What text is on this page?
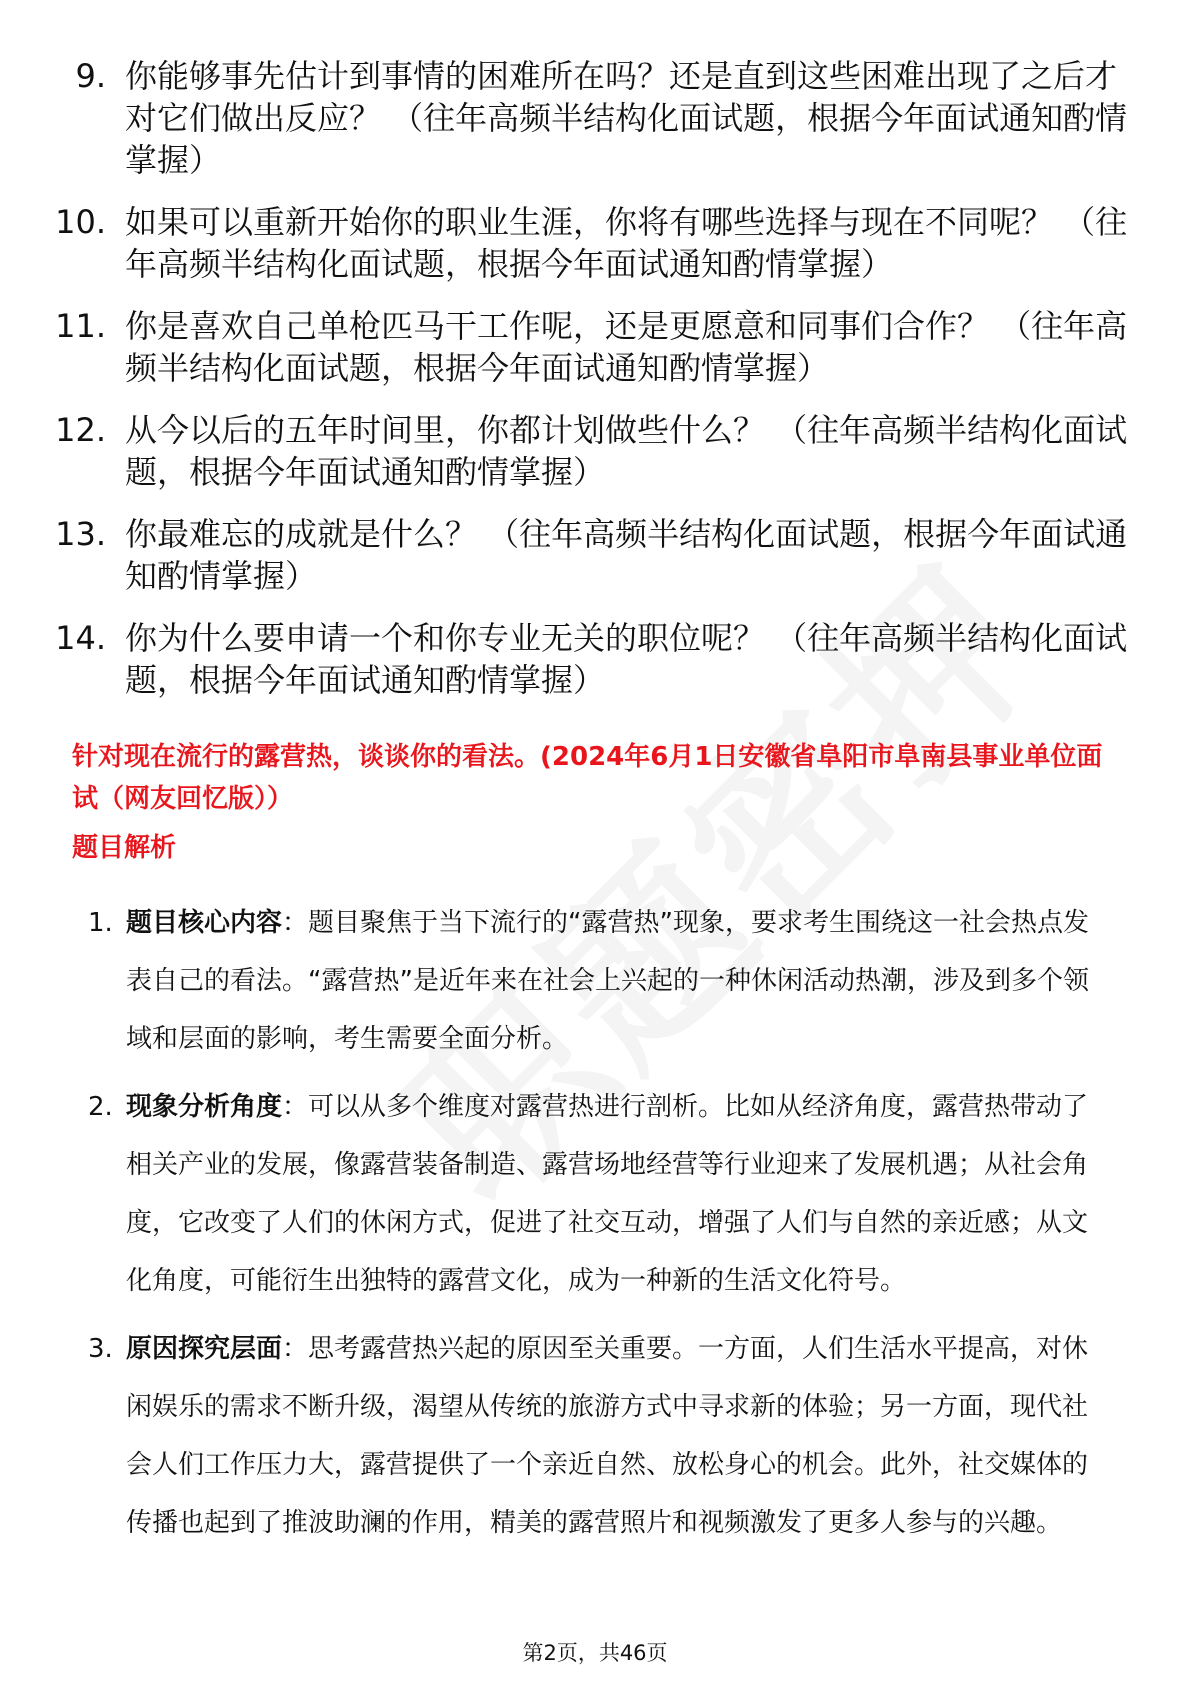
9. 你能够事先估计到事情的困难所在吗？还是直到这些困难出现了之后才对它们做出反应？ （往年高频半结构化面试题，根据今年面试通知酌情掌握）
10. 如果可以重新开始你的职业生涯，你将有哪些选择与现在不同呢？ （往年高频半结构化面试题，根据今年面试通知酌情掌握）
11. 你是喜欢自己单枪匹马干工作呢，还是更愿意和同事们合作？ （往年高频半结构化面试题，根据今年面试通知酌情掌握）
12. 从今以后的五年时间里，你都计划做些什么？ （往年高频半结构化面试题，根据今年面试通知酌情掌握）
13. 你最难忘的成就是什么？ （往年高频半结构化面试题，根据今年面试通知酌情掌握）
14. 你为什么要申请一个和你专业无关的职位呢？ （往年高频半结构化面试题，根据今年面试通知酌情掌握）
针对现在流行的露营热，谈谈你的看法。(2024年6月1日安徽省阜阳市阜南县事业单位面试（网友回忆版））
题目解析
1. 题目核心内容：题目聚焦于当下流行的“露营热”现象，要求考生围绕这一社会热点发表自己的看法。“露营热”是近年来在社会上兴起的一种休闲活动热潮，涉及到多个领域和层面的影响，考生需要全面分析。
2. 现象分析角度：可以从多个维度对露营热进行剖析。比如从经济角度，露营热带动了相关产业的发展，像露营装备制造、露营场地经营等行业迎来了发展机遇；从社会角度，它改变了人们的休闲方式，促进了社交互动，增强了人们与自然的亲近感；从文化角度，可能衍生出独特的露营文化，成为一种新的生活文化符号。
3. 原因探究层面：思考露营热兴起的原因至关重要。一方面，人们生活水平提高，对休闲娱乐的需求不断升级，渴望从传统的旅游方式中寻求新的体验；另一方面，现代社会人们工作压力大，露营提供了一个亲近自然、放松身心的机会。此外，社交媒体的传播也起到了推波助澜的作用，精美的露营照片和视频激发了更多人参与的兴趣。
第2页，共46页
